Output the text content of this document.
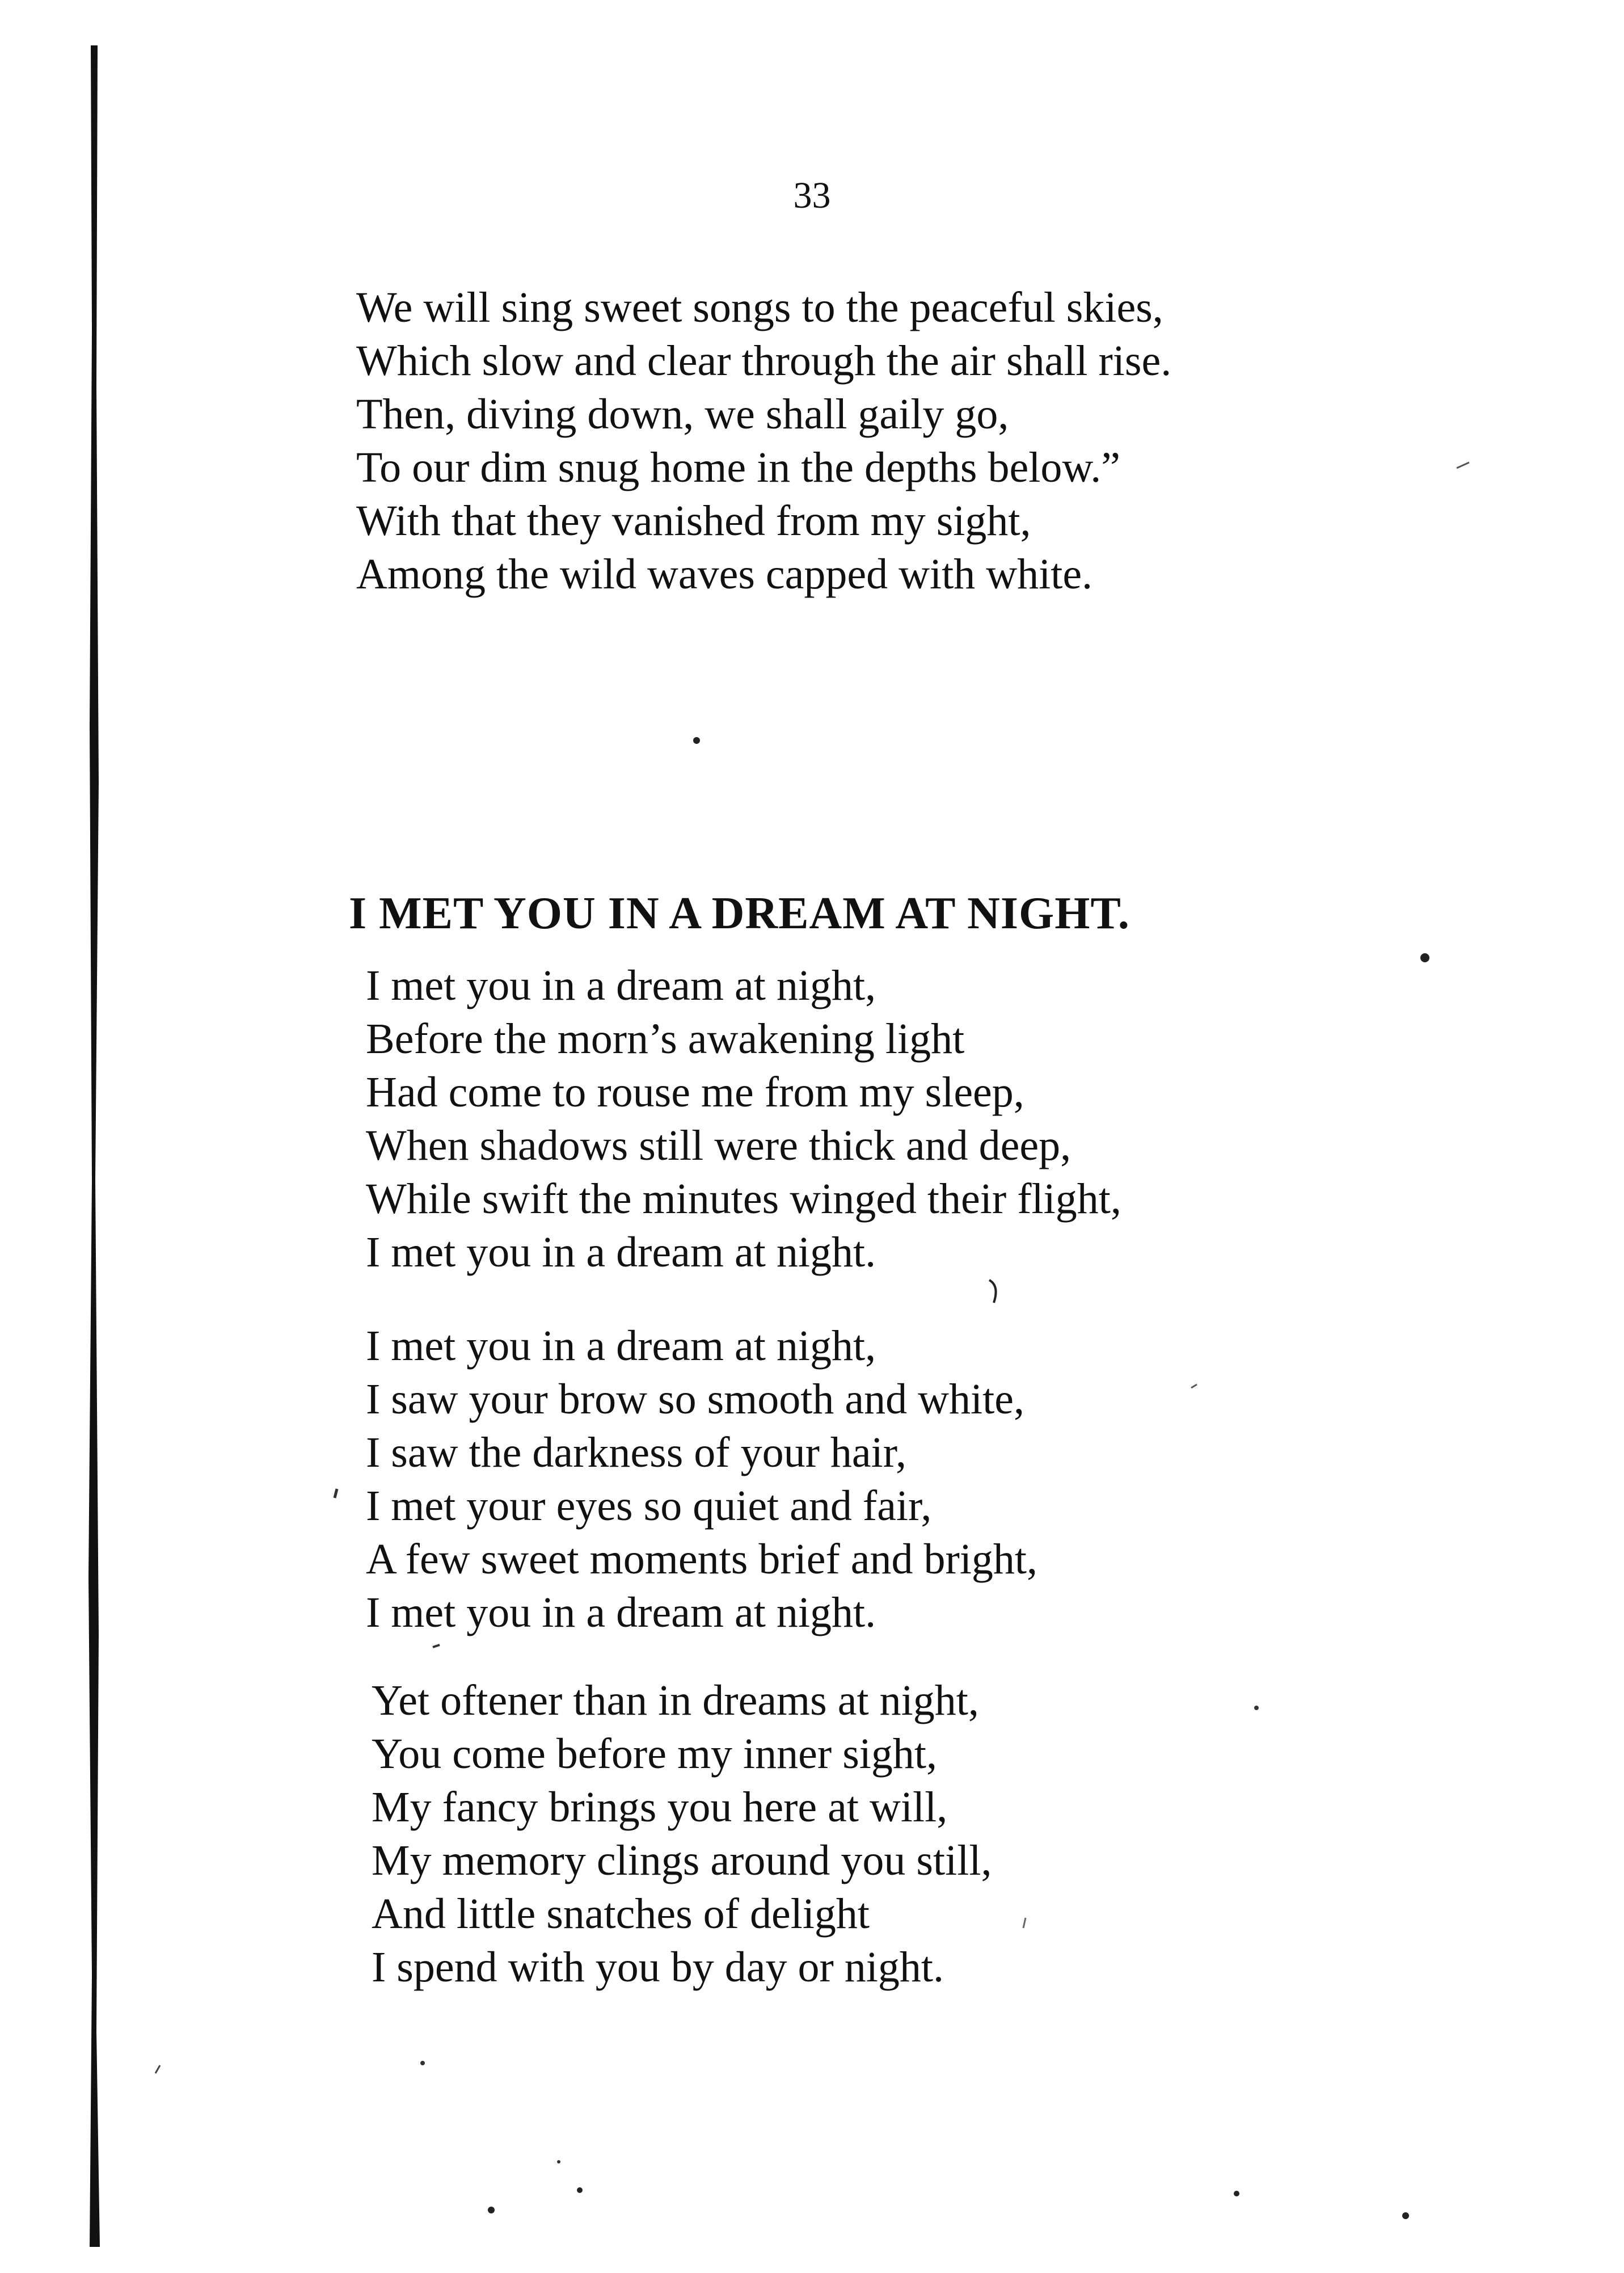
33
We will sing sweet songs to the peaceful skies,
Which slow and clear through the air shall rise.
Then, diving down, we shall gaily go,
To our dim snug home in the depths below.”
With that they vanished from my sight,
Among the wild waves capped with white.
I MET YOU IN A DREAM AT NIGHT.
I met you in a dream at night,
Before the morn’s awakening light
Had come to rouse me from my sleep,
When shadows still were thick and deep,
While swift the minutes winged their flight,
I met you in a dream at night.
I met you in a dream at night,
I saw your brow so smooth and white,
I saw the darkness of your hair,
I met your eyes so quiet and fair,
A few sweet moments brief and bright,
I met you in a dream at night.
Yet oftener than in dreams at night,
You come before my inner sight,
My fancy brings you here at will,
My memory clings around you still,
And little snatches of delight
I spend with you by day or night.
